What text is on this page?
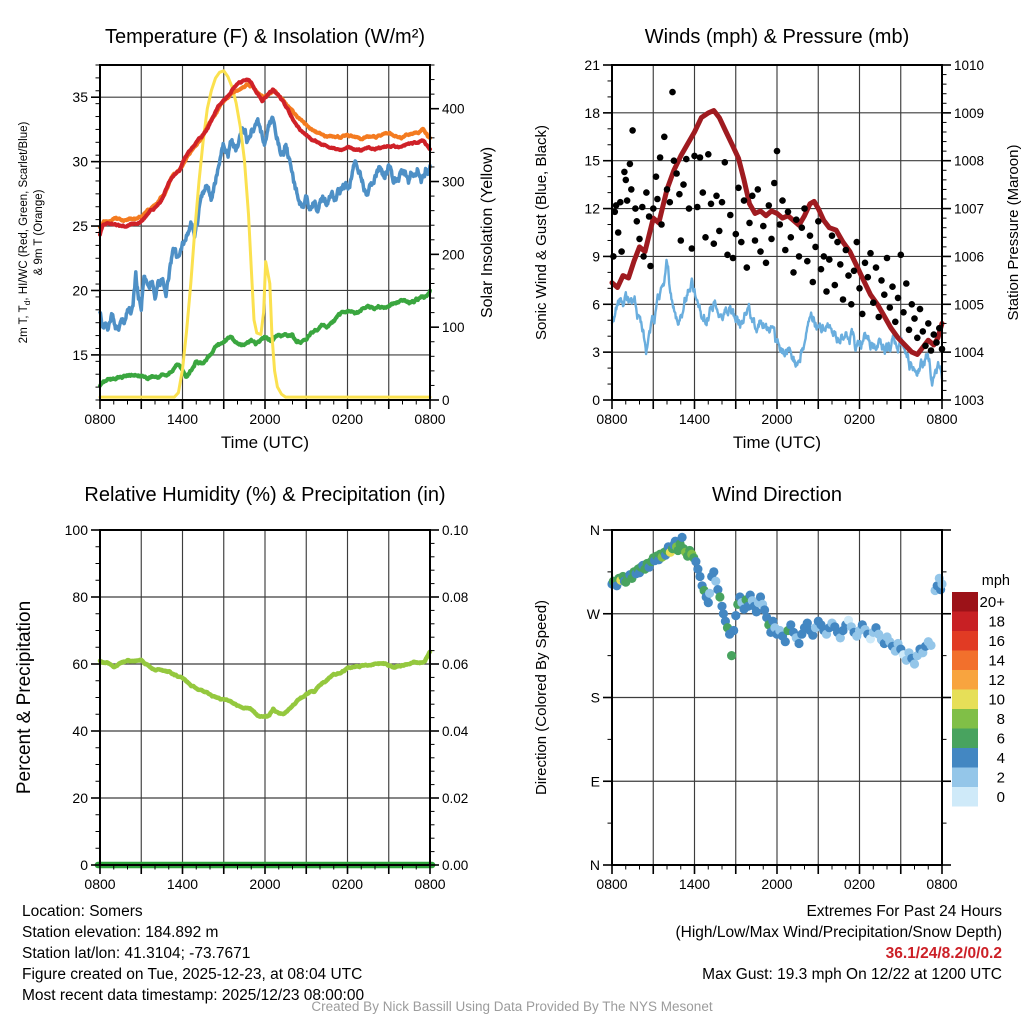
Temperature (F) & Insolation (W/m²)
0800	1400	2000	0200	0800
15
20
25
30
35
0
100
200
300
400
Time (UTC)
2m T, $T_d$, HI/WC (Red, Green, Scarlet/Blue) & 9m T (Orange)	Solar Insolation (Yellow)
Winds (mph) & Pressure (mb)
0800	1400	2000	0200	0800
0
3
6
9
12
15
18
21
1003
1004
1005
1006
1007
1008
1009
1010
Time (UTC)
Sonic Wind & Gust (Blue, Black)	Station Pressure (Maroon)
Relative Humidity (%) & Precipitation (in)
0800	1400	2000	0200	0800
0
20
40
60
80
100
0.00
0.02
0.04
0.06
0.08
0.10
Percent & Precipitation
Wind Direction
0800	1400	2000	0200	0800
N
W
S
E
N
Direction (Colored By Speed)
mph
20+
18
16
14
12
10
8
6
4
2
0
Location: Somers
Station elevation: 184.892 m
Station lat/lon: 41.3104; -73.7671
Figure created on Tue, 2025-12-23, at 08:04 UTC
Most recent data timestamp: 2025/12/23 08:00:00
Extremes For Past 24 Hours
(High/Low/Max Wind/Precipitation/Snow Depth)
36.1/24/8.2/0/0.2
Max Gust: 19.3 mph On 12/22 at 1200 UTC
Created By Nick Bassill Using Data Provided By The NYS Mesonet
